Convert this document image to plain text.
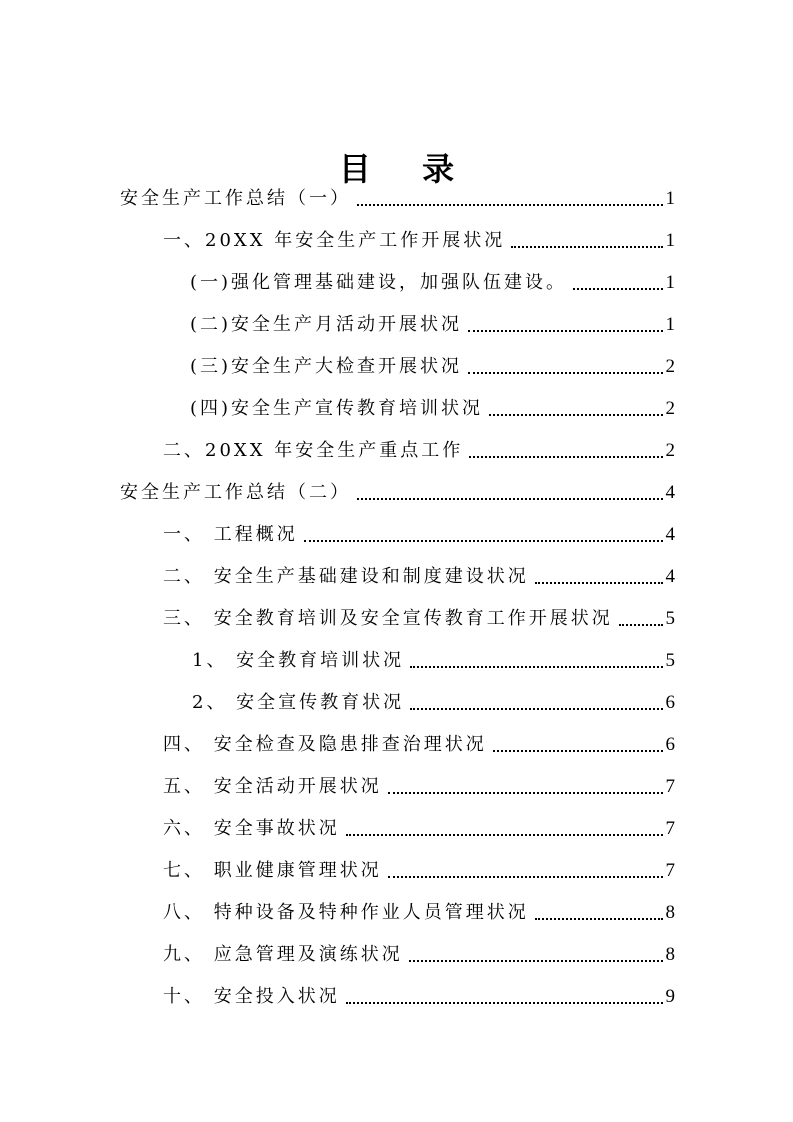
目 录
安全生产工作总结（一）	1
一、20XX 年安全生产工作开展状况	1
(一)强化管理基础建设，加强队伍建设。	1
(二)安全生产月活动开展状况	1
(三)安全生产大检查开展状况	2
(四)安全生产宣传教育培训状况	2
二、20XX 年安全生产重点工作	2
安全生产工作总结（二）	4
一、 工程概况	4
二、 安全生产基础建设和制度建设状况	4
三、 安全教育培训及安全宣传教育工作开展状况	5
1、 安全教育培训状况	5
2、 安全宣传教育状况	6
四、 安全检查及隐患排查治理状况	6
五、 安全活动开展状况	7
六、 安全事故状况	7
七、 职业健康管理状况	7
八、 特种设备及特种作业人员管理状况	8
九、 应急管理及演练状况	8
十、 安全投入状况	9
